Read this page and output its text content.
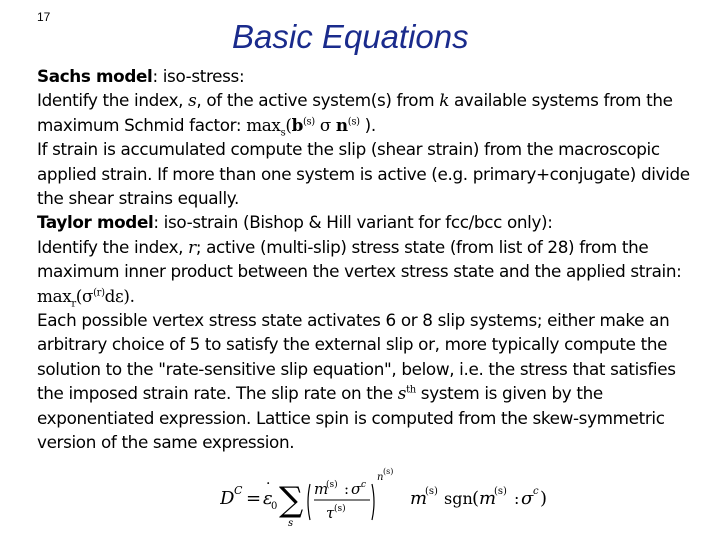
17
Basic Equations

Sachs model: iso-stress:

Identify the index, s, of the active system(s) from k available systems from the maximum Schmid factor: $\max_s(b^{(s)}$ σ $n^{(s)}$ ).

If strain is accumulated compute the slip (shear strain) from the macroscopic applied strain. If more than one system is active (e.g. primary+conjugate) divide the shear strains equally.

Taylor model: iso-strain (Bishop & Hill variant for fcc/bcc only):

Identify the index, r; active (multi-slip) stress state (from list of 28) from the maximum inner product between the vertex stress state and the applied strain: $\max_r(\sigma^{(r)}d\varepsilon)$.

Each possible vertex stress state activates 6 or 8 slip systems; either make an arbitrary choice of 5 to satisfy the external slip or, more typically compute the solution to the "rate-sensitive slip equation", below, i.e. the stress that satisfies the imposed strain rate. The slip rate on the $s^{th}$ system is given by the exponentiated expression. Lattice spin is computed from the skew-symmetric version of the same expression.

D C = ε
·
0 ∑
s
m
(s) : σ c
τ (s)
n
(s)
m
(s) sgn ( m
(s) : σ c )
